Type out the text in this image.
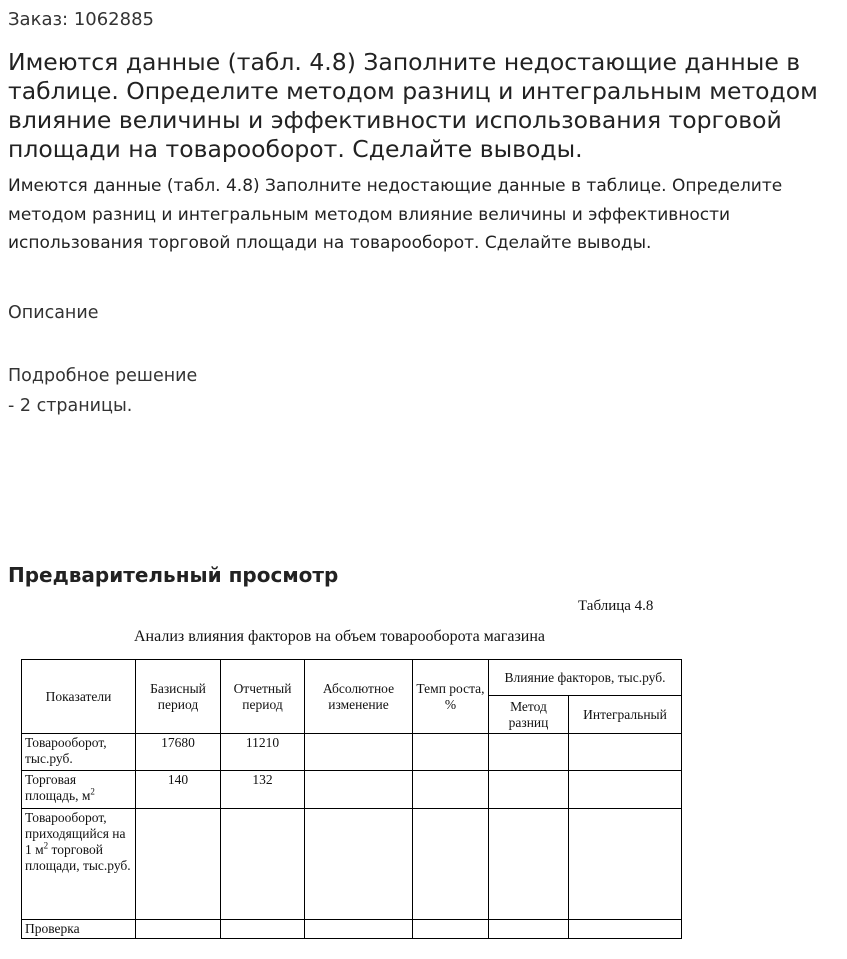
Заказ: 1062885
Имеются данные (табл. 4.8) Заполните недостающие данные в таблице. Определите методом разниц и интегральным методом влияние величины и эффективности использования торговой площади на товарооборот. Сделайте выводы.
Имеются данные (табл. 4.8) Заполните недостающие данные в таблице. Определите методом разниц и интегральным методом влияние величины и эффективности использования торговой площади на товарооборот. Сделайте выводы.
Описание
Подробное решение
- 2 страницы.
Предварительный просмотр
Таблица 4.8
Анализ влияния факторов на объем товарооборота магазина
Показатели	Базисный период	Отчетный период	Абсолютное изменение	Темп роста, %	Влияние факторов, тыс.руб.	
					Метод разниц	Интегральный
Товарооборот, тыс.руб.	17680	11210				
Торговая площадь, $м^2$	140	132				
Товарооборот, приходящийся на 1 $м^2$ торговой площади, тыс.руб.						
Проверка						
